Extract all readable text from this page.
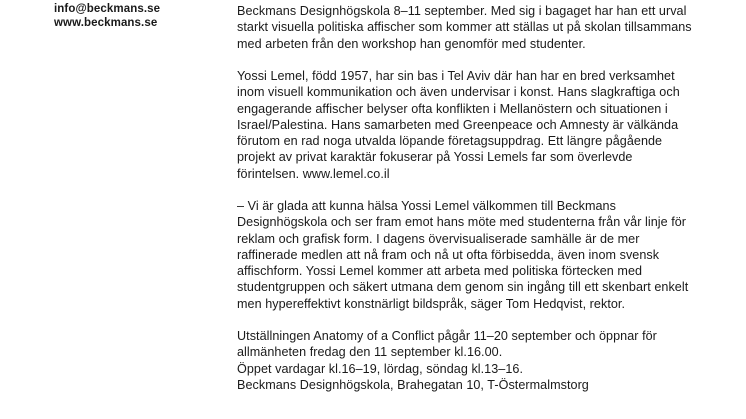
info@beckmans.se
www.beckmans.se
Beckmans Designhögskola 8–11 september. Med sig i bagaget har han ett urval
starkt visuella politiska affischer som kommer att ställas ut på skolan tillsammans
med arbeten från den workshop han genomför med studenter.
Yossi Lemel, född 1957, har sin bas i Tel Aviv där han har en bred verksamhet
inom visuell kommunikation och även undervisar i konst. Hans slagkraftiga och
engagerande affischer belyser ofta konflikten i Mellanöstern och situationen i
Israel/Palestina. Hans samarbeten med Greenpeace och Amnesty är välkända
förutom en rad noga utvalda löpande företagsuppdrag. Ett längre pågående
projekt av privat karaktär fokuserar på Yossi Lemels far som överlevde
förintelsen. www.lemel.co.il
– Vi är glada att kunna hälsa Yossi Lemel välkommen till Beckmans
Designhögskola och ser fram emot hans möte med studenterna från vår linje för
reklam och grafisk form. I dagens övervisualiserade samhälle är de mer
raffinerade medlen att nå fram och nå ut ofta förbisedda, även inom svensk
affischform. Yossi Lemel kommer att arbeta med politiska förtecken med
studentgruppen och säkert utmana dem genom sin ingång till ett skenbart enkelt
men hypereffektivt konstnärligt bildspråk, säger Tom Hedqvist, rektor.
Utställningen Anatomy of a Conflict pågår 11–20 september och öppnar för
allmänheten fredag den 11 september kl.16.00.
Öppet vardagar kl.16–19, lördag, söndag kl.13–16.
Beckmans Designhögskola, Brahegatan 10, T-Östermalmstorg
